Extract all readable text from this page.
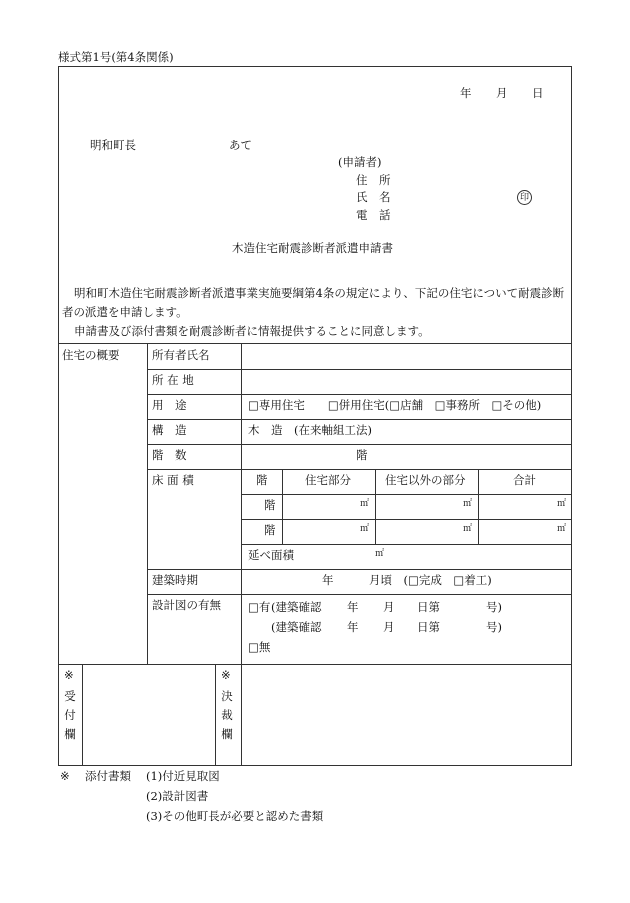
様式第1号(第4条関係)
年 月 日
明和町長	あて
(申請者)
住　所
氏　名	印
電　話
木造住宅耐震診断者派遣申請書
明和町木造住宅耐震診断者派遣事業実施要綱第4条の規定により、下記の住宅について耐震診断者の派遣を申請します。
申請書及び添付書類を耐震診断者に情報提供することに同意します。
住宅の概要	所有者氏名
所 在 地
用　途	□専用住宅　　□併用住宅(□店舗　□事務所　□その他)
構　造	木　造　(在来軸組工法)
階　数	階
床 面 積	階	住宅部分	住宅以外の部分	合計
階	㎡	㎡	㎡
階	㎡	㎡	㎡
延べ面積	㎡
建築時期	年	月頃　(□完成　□着工)
設計図の有無 □有 (建築確認 年 月 日第	号)
(建築確認 年 月 日第	号)
□無
※
受
付
欄
※
決
裁
欄
※ 添付書類 (1)付近見取図
(2)設計図書
(3)その他町長が必要と認めた書類
